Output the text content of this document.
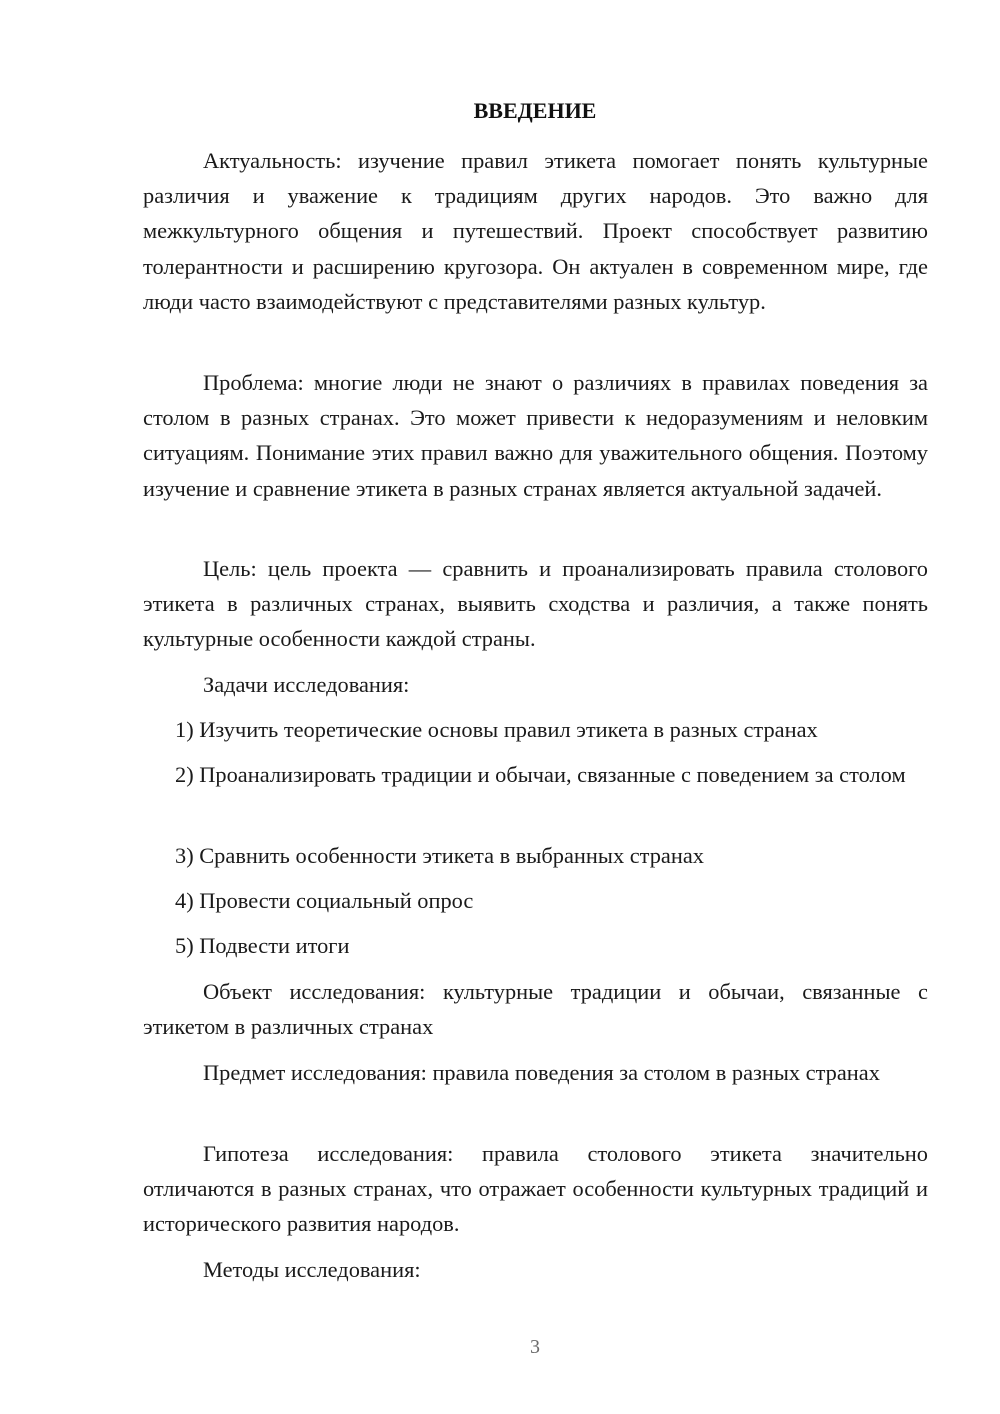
ВВЕДЕНИЕ

Актуальность: изучение правил этикета помогает понять культурные различия и уважение к традициям других народов. Это важно для межкультурного общения и путешествий. Проект способствует развитию толерантности и расширению кругозора. Он актуален в современном мире, где люди часто взаимодействуют с представителями разных культур.

Проблема: многие люди не знают о различиях в правилах поведения за столом в разных странах. Это может привести к недоразумениям и неловким ситуациям. Понимание этих правил важно для уважительного общения. Поэтому изучение и сравнение этикета в разных странах является актуальной задачей.

Цель: цель проекта — сравнить и проанализировать правила столового этикета в различных странах, выявить сходства и различия, а также понять культурные особенности каждой страны.

Задачи исследования:

1) Изучить теоретические основы правил этикета в разных странах

2) Проанализировать традиции и обычаи, связанные с поведением за столом

3) Сравнить особенности этикета в выбранных странах

4) Провести социальный опрос

5) Подвести итоги

Объект исследования: культурные традиции и обычаи, связанные с этикетом в различных странах

Предмет исследования: правила поведения за столом в разных странах

Гипотеза исследования: правила столового этикета значительно отличаются в разных странах, что отражает особенности культурных традиций и исторического развития народов.

Методы исследования:

3
